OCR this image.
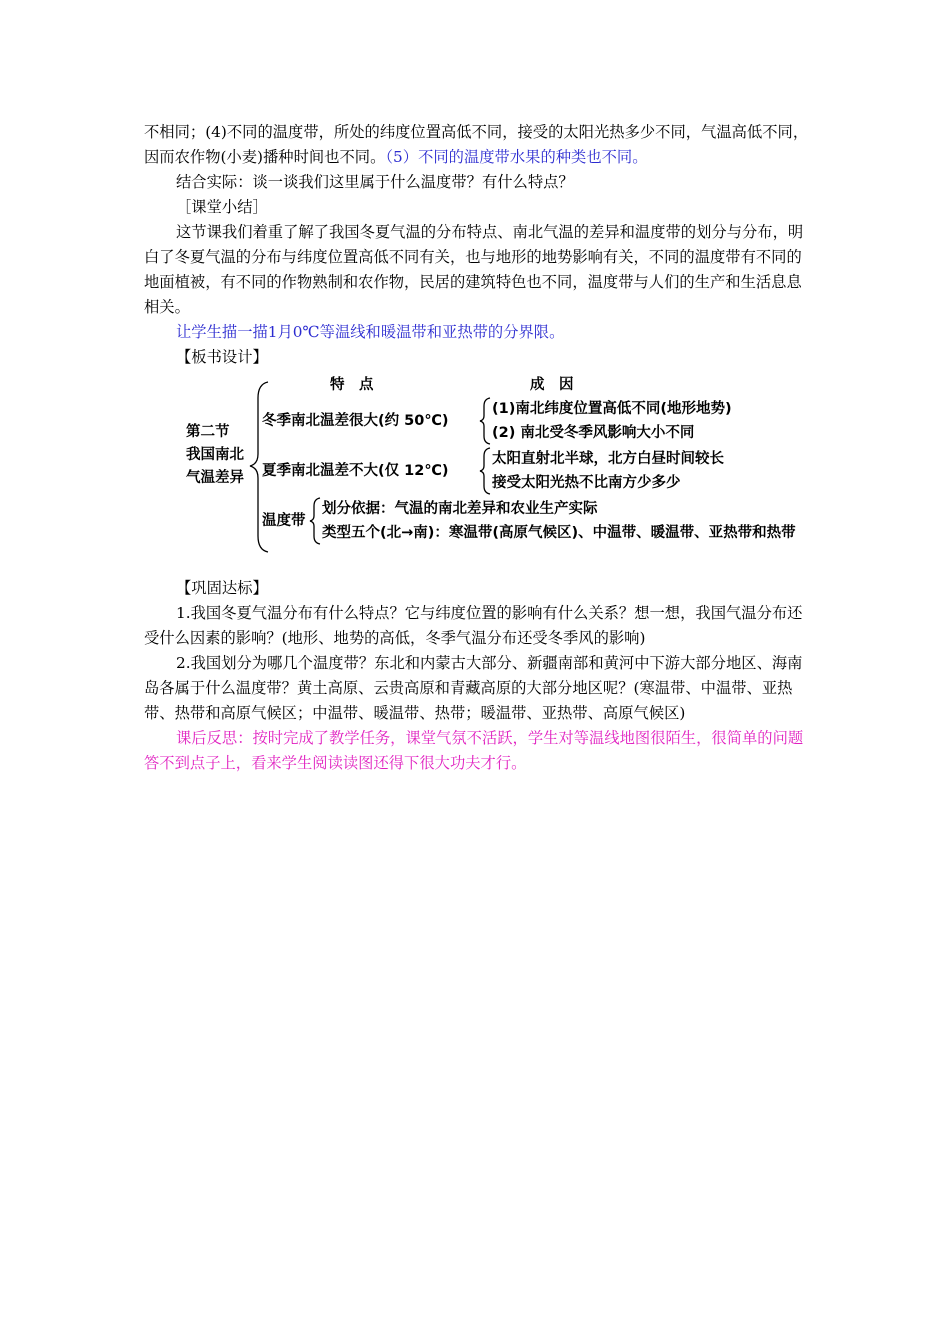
不相同；(4)不同的温度带，所处的纬度位置高低不同，接受的太阳光热多少不同，气温高低不同，因而农作物(小麦)播种时间也不同。（5）不同的温度带水果的种类也不同。

结合实际：谈一谈我们这里属于什么温度带？有什么特点？

［课堂小结］

这节课我们着重了解了我国冬夏气温的分布特点、南北气温的差异和温度带的划分与分布，明白了冬夏气温的分布与纬度位置高低不同有关，也与地形的地势影响有关，不同的温度带有不同的地面植被，有不同的作物熟制和农作物，民居的建筑特色也不同，温度带与人们的生产和生活息息相关。

让学生描一描1月0℃等温线和暖温带和亚热带的分界限。

【板书设计】

特　点	成　因
第二节
我国南北
气温差异
冬季南北温差很大(约 50℃)
(1)南北纬度位置高低不同(地形地势)
(2) 南北受冬季风影响大小不同
夏季南北温差不大(仅 12℃)
太阳直射北半球，北方白昼时间较长
接受太阳光热不比南方少多少
温度带
划分依据：气温的南北差异和农业生产实际
类型五个(北→南)：寒温带(高原气候区)、中温带、暖温带、亚热带和热带

【巩固达标】

1.我国冬夏气温分布有什么特点？它与纬度位置的影响有什么关系？想一想，我国气温分布还受什么因素的影响？(地形、地势的高低，冬季气温分布还受冬季风的影响)

2.我国划分为哪几个温度带？东北和内蒙古大部分、新疆南部和黄河中下游大部分地区、海南岛各属于什么温度带？黄土高原、云贵高原和青藏高原的大部分地区呢？(寒温带、中温带、亚热带、热带和高原气候区；中温带、暖温带、热带；暖温带、亚热带、高原气候区)

课后反思：按时完成了教学任务，课堂气氛不活跃，学生对等温线地图很陌生，很简单的问题答不到点子上，看来学生阅读读图还得下很大功夫才行。
